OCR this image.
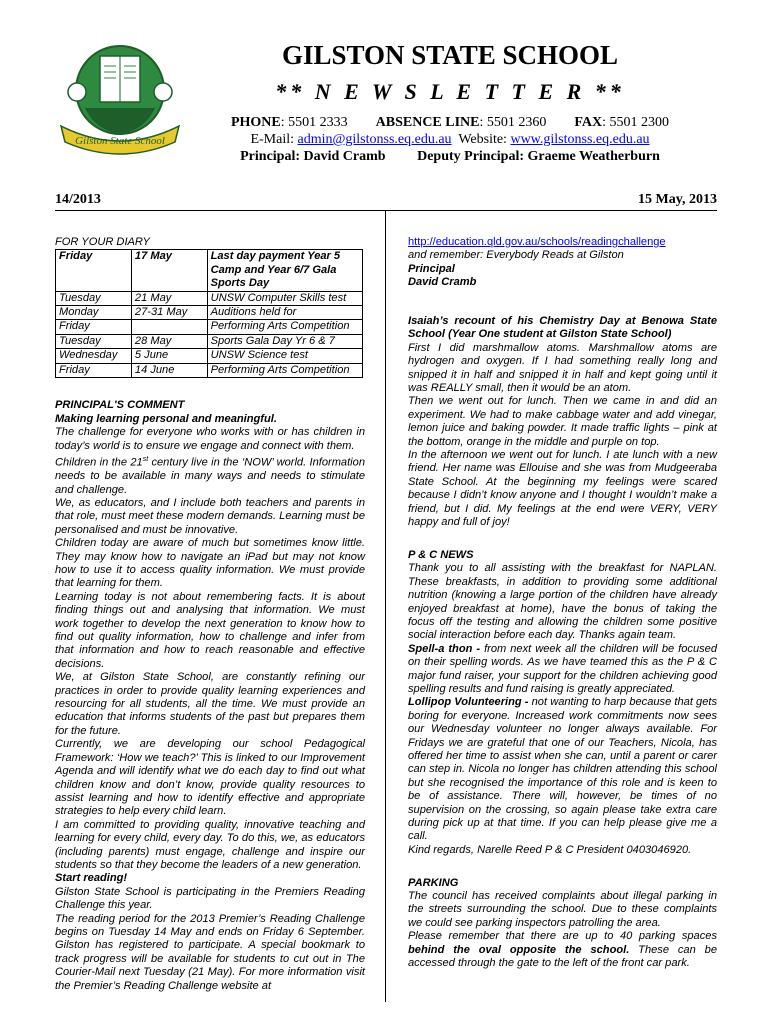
Gilston State School
GILSTON STATE SCHOOL
** N E W S L E T T E R **
PHONE: 5501 2333 ABSENCE LINE: 5501 2360 FAX: 5501 2300
E-Mail: admin@gilstonss.eq.edu.au Website: www.gilstonss.eq.edu.au
Principal: David Cramb Deputy Principal: Graeme Weatherburn
14/2013	15 May, 2013
FOR YOUR DIARY
Friday	17 May	Last day payment Year 5 Camp and Year 6/7 Gala Sports Day
Tuesday	21 May	UNSW Computer Skills test
Monday	27-31 May	Auditions held for
Friday		Performing Arts Competition
Tuesday	28 May	Sports Gala Day Yr 6 & 7
Wednesday	5 June	UNSW Science test
Friday	14 June	Performing Arts Competition

PRINCIPAL'S COMMENT

Making learning personal and meaningful.

The challenge for everyone who works with or has children in today’s world is to ensure we engage and connect with them.

Children in the 21st century live in the ‘NOW’ world. Information needs to be available in many ways and needs to stimulate and challenge.

We, as educators, and I include both teachers and parents in that role, must meet these modern demands. Learning must be personalised and must be innovative.

Children today are aware of much but sometimes know little. They may know how to navigate an iPad but may not know how to use it to access quality information. We must provide that learning for them.

Learning today is not about remembering facts. It is about finding things out and analysing that information. We must work together to develop the next generation to know how to find out quality information, how to challenge and infer from that information and how to reach reasonable and effective decisions.

We, at Gilston State School, are constantly refining our practices in order to provide quality learning experiences and resourcing for all students, all the time. We must provide an education that informs students of the past but prepares them for the future.

Currently, we are developing our school Pedagogical Framework: ‘How we teach?’ This is linked to our Improvement Agenda and will identify what we do each day to find out what children know and don’t know, provide quality resources to assist learning and how to identify effective and appropriate strategies to help every child learn.

I am committed to providing quality, innovative teaching and learning for every child, every day. To do this, we, as educators (including parents) must engage, challenge and inspire our students so that they become the leaders of a new generation.

Start reading!

Gilston State School is participating in the Premiers Reading Challenge this year.

The reading period for the 2013 Premier’s Reading Challenge begins on Tuesday 14 May and ends on Friday 6 September. Gilston has registered to participate. A special bookmark to track progress will be available for students to cut out in The Courier-Mail next Tuesday (21 May). For more information visit the Premier’s Reading Challenge website at

http://education.qld.gov.au/schools/readingchallenge

and remember: Everybody Reads at Gilston

Principal

David Cramb

Isaiah’s recount of his Chemistry Day at Benowa State School (Year One student at Gilston State School)

First I did marshmallow atoms. Marshmallow atoms are hydrogen and oxygen. If I had something really long and snipped it in half and snipped it in half and kept going until it was REALLY small, then it would be an atom.

Then we went out for lunch. Then we came in and did an experiment. We had to make cabbage water and add vinegar, lemon juice and baking powder. It made traffic lights – pink at the bottom, orange in the middle and purple on top.

In the afternoon we went out for lunch. I ate lunch with a new friend. Her name was Ellouise and she was from Mudgeeraba State School. At the beginning my feelings were scared because I didn’t know anyone and I thought I wouldn’t make a friend, but I did. My feelings at the end were VERY, VERY happy and full of joy!

P & C NEWS

Thank you to all assisting with the breakfast for NAPLAN. These breakfasts, in addition to providing some additional nutrition (knowing a large portion of the children have already enjoyed breakfast at home), have the bonus of taking the focus off the testing and allowing the children some positive social interaction before each day. Thanks again team.

Spell-a thon - from next week all the children will be focused on their spelling words. As we have teamed this as the P & C major fund raiser, your support for the children achieving good spelling results and fund raising is greatly appreciated.

Lollipop Volunteering - not wanting to harp because that gets boring for everyone. Increased work commitments now sees our Wednesday volunteer no longer always available. For Fridays we are grateful that one of our Teachers, Nicola, has offered her time to assist when she can, until a parent or carer can step in. Nicola no longer has children attending this school but she recognised the importance of this role and is keen to be of assistance. There will, however, be times of no supervision on the crossing, so again please take extra care during pick up at that time. If you can help please give me a call.

Kind regards, Narelle Reed P & C President 0403046920.

PARKING

The council has received complaints about illegal parking in the streets surrounding the school. Due to these complaints we could see parking inspectors patrolling the area.

Please remember that there are up to 40 parking spaces behind the oval opposite the school. These can be accessed through the gate to the left of the front car park.
